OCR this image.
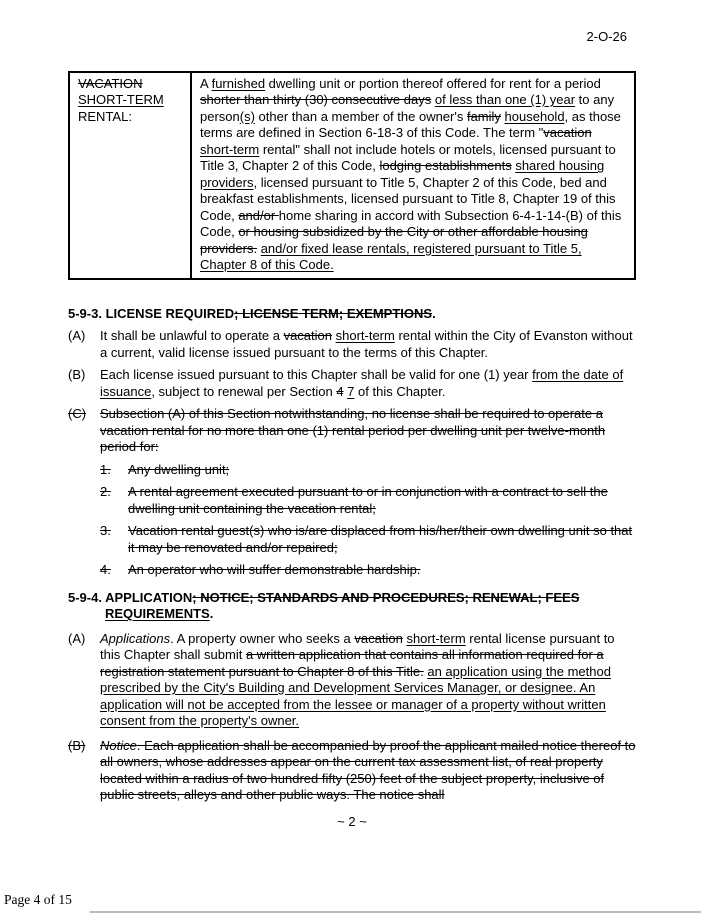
2-O-26
VACATION
SHORT-TERM
RENTAL:	A furnished dwelling unit or portion thereof offered for rent for a period shorter than thirty (30) consecutive days of less than one (1) year to any person(s) other than a member of the owner's family household, as those terms are defined in Section 6-18-3 of this Code. The term "vacation short-term rental" shall not include hotels or motels, licensed pursuant to Title 3, Chapter 2 of this Code, lodging establishments shared housing providers, licensed pursuant to Title 5, Chapter 2 of this Code, bed and breakfast establishments, licensed pursuant to Title 8, Chapter 19 of this Code, and/or home sharing in accord with Subsection 6-4-1-14-(B) of this Code, or housing subsidized by the City or other affordable housing providers. and/or fixed lease rentals, registered pursuant to Title 5, Chapter 8 of this Code.
5-9-3. LICENSE REQUIRED; LICENSE TERM; EXEMPTIONS.
(A) It shall be unlawful to operate a vacation short-term rental within the City of Evanston without a current, valid license issued pursuant to the terms of this Chapter.
(B) Each license issued pursuant to this Chapter shall be valid for one (1) year from the date of issuance, subject to renewal per Section 4 7 of this Chapter.
(C) Subsection (A) of this Section notwithstanding, no license shall be required to operate a vacation rental for no more than one (1) rental period per dwelling unit per twelve-month period for:
1. Any dwelling unit;
2. A rental agreement executed pursuant to or in conjunction with a contract to sell the dwelling unit containing the vacation rental;
3. Vacation rental guest(s) who is/are displaced from his/her/their own dwelling unit so that it may be renovated and/or repaired;
4. An operator who will suffer demonstrable hardship.
5-9-4. APPLICATION; NOTICE; STANDARDS AND PROCEDURES; RENEWAL; FEES REQUIREMENTS.
(A) Applications. A property owner who seeks a vacation short-term rental license pursuant to this Chapter shall submit a written application that contains all information required for a registration statement pursuant to Chapter 8 of this Title. an application using the method prescribed by the City's Building and Development Services Manager, or designee. An application will not be accepted from the lessee or manager of a property without written consent from the property's owner.
(B) Notice. Each application shall be accompanied by proof the applicant mailed notice thereof to all owners, whose addresses appear on the current tax assessment list, of real property located within a radius of two hundred fifty (250) feet of the subject property, inclusive of public streets, alleys and other public ways. The notice shall
~ 2 ~
Page 4 of 15
